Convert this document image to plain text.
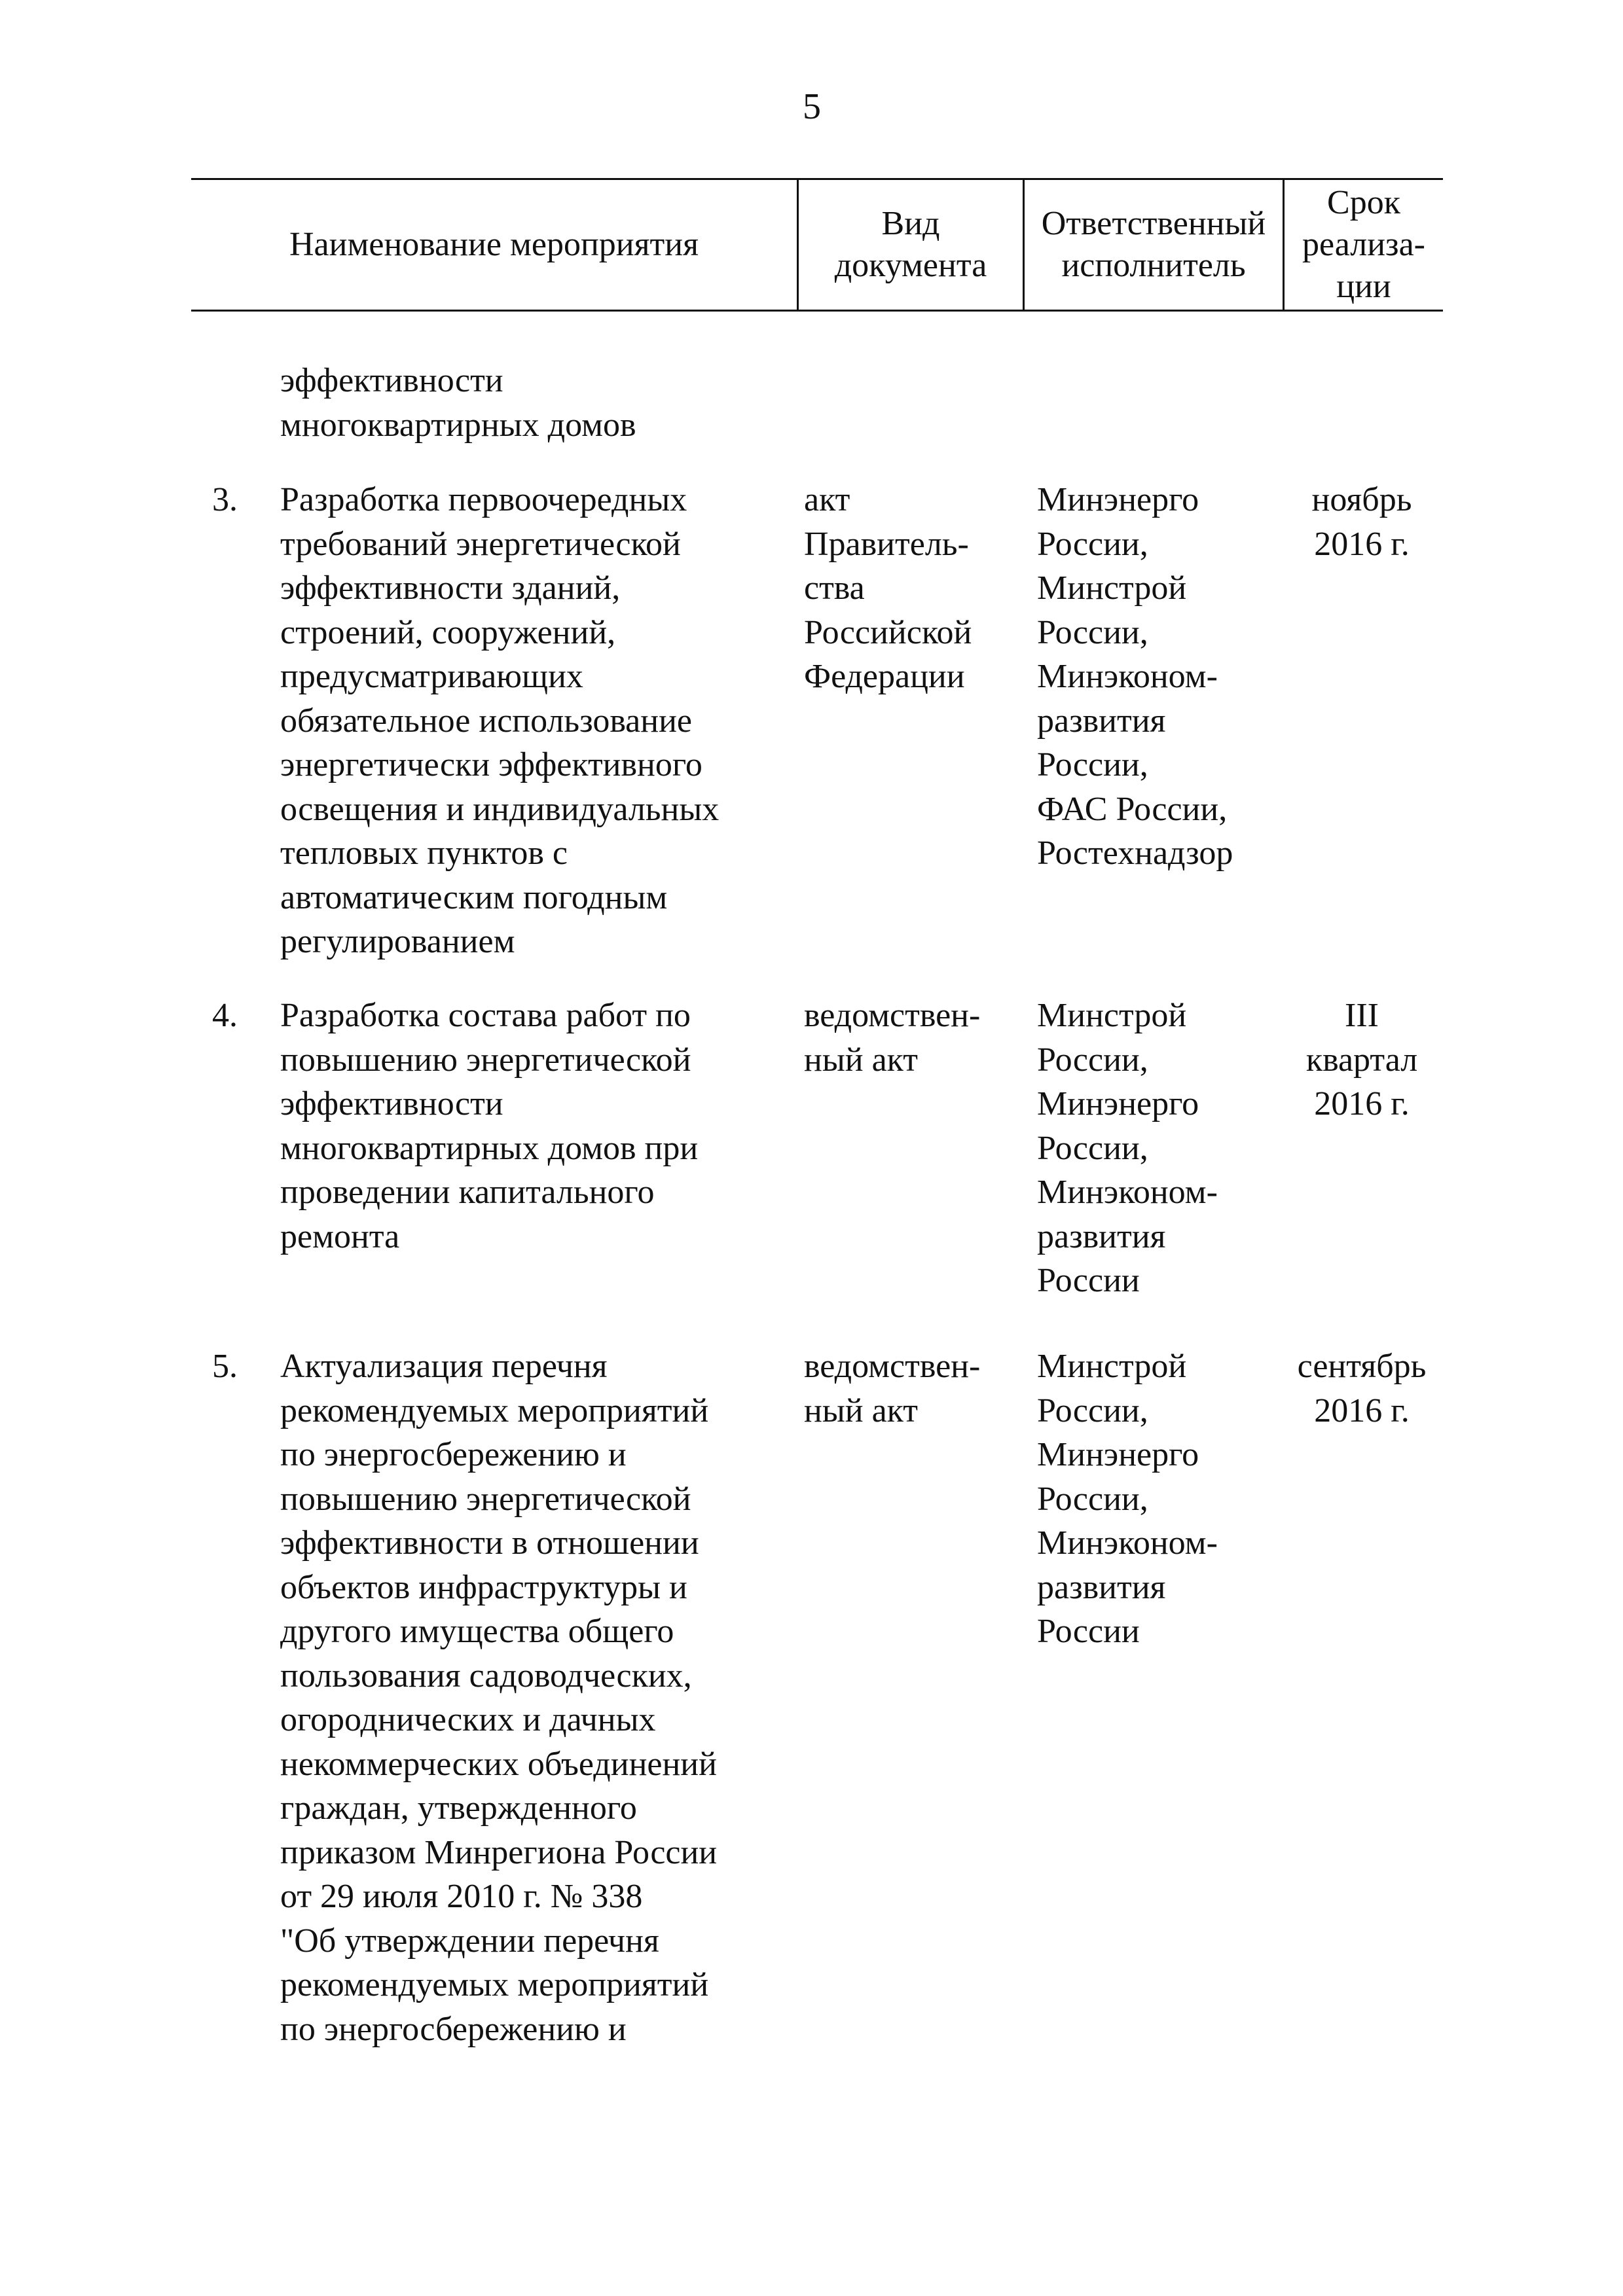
5
Наименование мероприятия
Вид
документа
Ответственный
исполнитель
Срок
реализа-
ции
эффективности
многоквартирных домов
3. Разработка первоочередных
требований энергетической
эффективности зданий,
строений, сооружений,
предусматривающих
обязательное использование
энергетически эффективного
освещения и индивидуальных
тепловых пунктов с
автоматическим погодным
регулированием
акт
Правитель-
ства
Российской
Федерации
Минэнерго
России,
Минстрой
России,
Минэконом-
развития
России,
ФАС России,
Ростехнадзор
ноябрь
2016 г.
4. Разработка состава работ по
повышению энергетической
эффективности
многоквартирных домов при
проведении капитального
ремонта
ведомствен-
ный акт
Минстрой
России,
Минэнерго
России,
Минэконом-
развития
России
III
квартал
2016 г.
5. Актуализация перечня
рекомендуемых мероприятий
по энергосбережению и
повышению энергетической
эффективности в отношении
объектов инфраструктуры и
другого имущества общего
пользования садоводческих,
огороднических и дачных
некоммерческих объединений
граждан, утвержденного
приказом Минрегиона России
от 29 июля 2010 г. № 338
"Об утверждении перечня
рекомендуемых мероприятий
по энергосбережению и
ведомствен-
ный акт
Минстрой
России,
Минэнерго
России,
Минэконом-
развития
России
сентябрь
2016 г.
